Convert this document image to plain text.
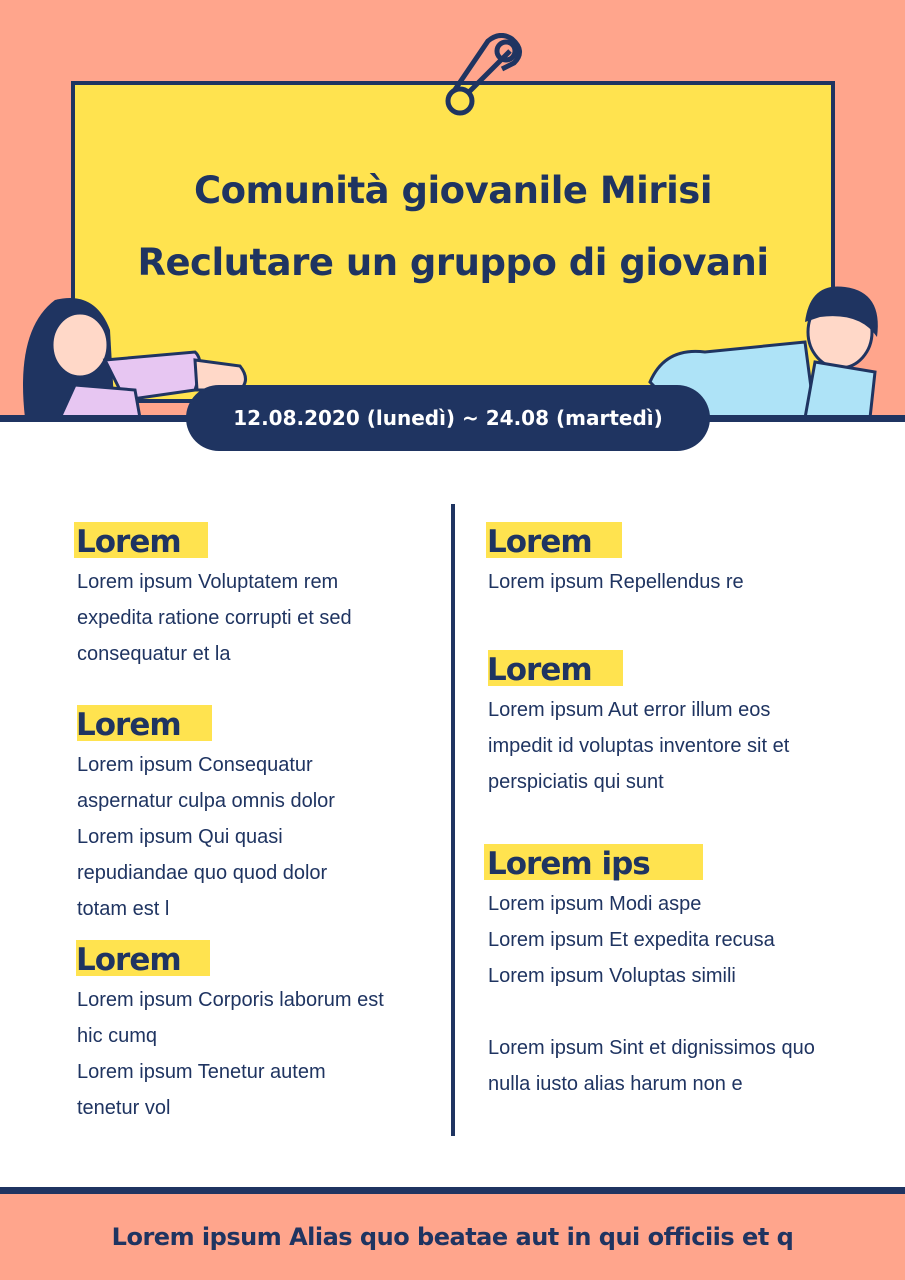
Comunità giovanile Mirisi
Reclutare un gruppo di giovani
12.08.2020 (lunedì) ~ 24.08 (martedì)
Lorem
Lorem ipsum Voluptatem rem
expedita ratione corrupti et sed
consequatur et la
Lorem
Lorem ipsum Consequatur
aspernatur culpa omnis dolor
Lorem ipsum Qui quasi
repudiandae quo quod dolor
totam est l
Lorem
Lorem ipsum Corporis laborum est
hic cumq
Lorem ipsum Tenetur autem
tenetur vol
Lorem
Lorem ipsum Repellendus re
Lorem
Lorem ipsum Aut error illum eos
impedit id voluptas inventore sit et
perspiciatis qui sunt
Lorem ips
Lorem ipsum Modi aspe
Lorem ipsum Et expedita recusa
Lorem ipsum Voluptas simili
Lorem ipsum Sint et dignissimos quo
nulla iusto alias harum non e
Lorem ipsum Alias quo beatae aut in qui officiis et q
